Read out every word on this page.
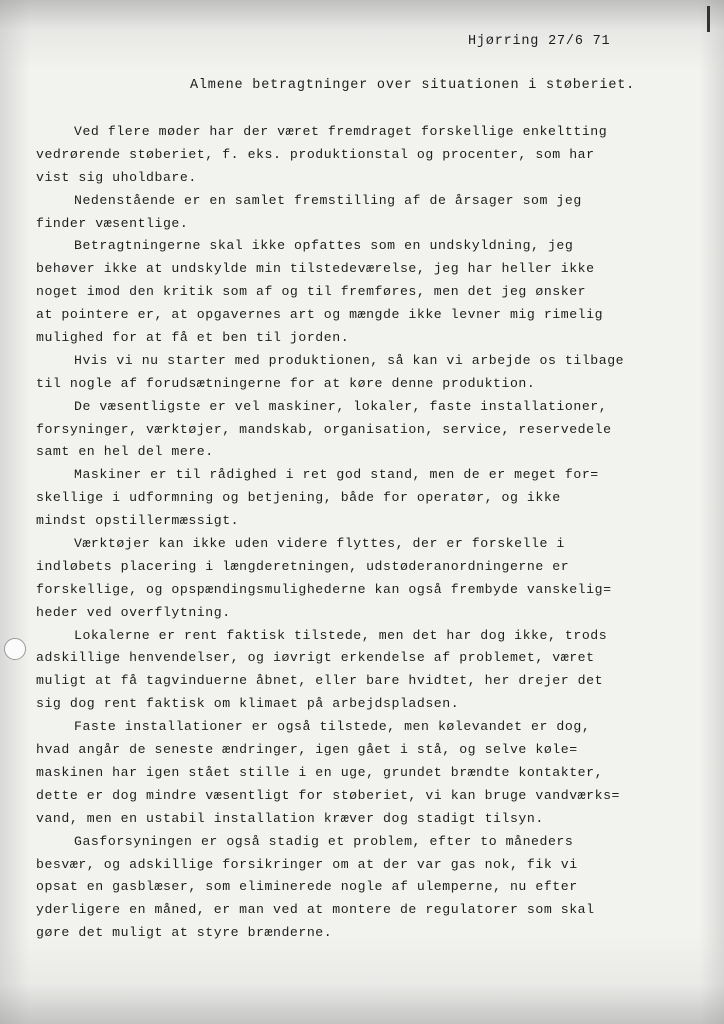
Hjørring 27/6 71
Almene betragtninger over situationen i støberiet.
Ved flere møder har der været fremdraget forskellige enkeltting
vedrørende støberiet, f. eks. produktionstal og procenter, som har
vist sig uholdbare.
Nedenstående er en samlet fremstilling af de årsager som jeg
finder væsentlige.
Betragtningerne skal ikke opfattes som en undskyldning, jeg
behøver ikke at undskylde min tilstedeværelse, jeg har heller ikke
noget imod den kritik som af og til fremføres, men det jeg ønsker
at pointere er, at opgavernes art og mængde ikke levner mig rimelig
mulighed for at få et ben til jorden.
Hvis vi nu starter med produktionen, så kan vi arbejde os tilbage
til nogle af forudsætningerne for at køre denne produktion.
De væsentligste er vel maskiner, lokaler, faste installationer,
forsyninger, værktøjer, mandskab, organisation, service, reservedele
samt en hel del mere.
Maskiner er til rådighed i ret god stand, men de er meget for=
skellige i udformning og betjening, både for operatør, og ikke
mindst opstillermæssigt.
Værktøjer kan ikke uden videre flyttes, der er forskelle i
indløbets placering i længderetningen, udstøderanordningerne er
forskellige, og opspændingsmulighederne kan også frembyde vanskelig=
heder ved overflytning.
Lokalerne er rent faktisk tilstede, men det har dog ikke, trods
adskillige henvendelser, og iøvrigt erkendelse af problemet, været
muligt at få tagvinduerne åbnet, eller bare hvidtet, her drejer det
sig dog rent faktisk om klimaet på arbejdspladsen.
Faste installationer er også tilstede, men kølevandet er dog,
hvad angår de seneste ændringer, igen gået i stå, og selve køle=
maskinen har igen stået stille i en uge, grundet brændte kontakter,
dette er dog mindre væsentligt for støberiet, vi kan bruge vandværks=
vand, men en ustabil installation kræver dog stadigt tilsyn.
Gasforsyningen er også stadig et problem, efter to måneders
besvær, og adskillige forsikringer om at der var gas nok, fik vi
opsat en gasblæser, som eliminerede nogle af ulemperne, nu efter
yderligere en måned, er man ved at montere de regulatorer som skal
gøre det muligt at styre brænderne.
